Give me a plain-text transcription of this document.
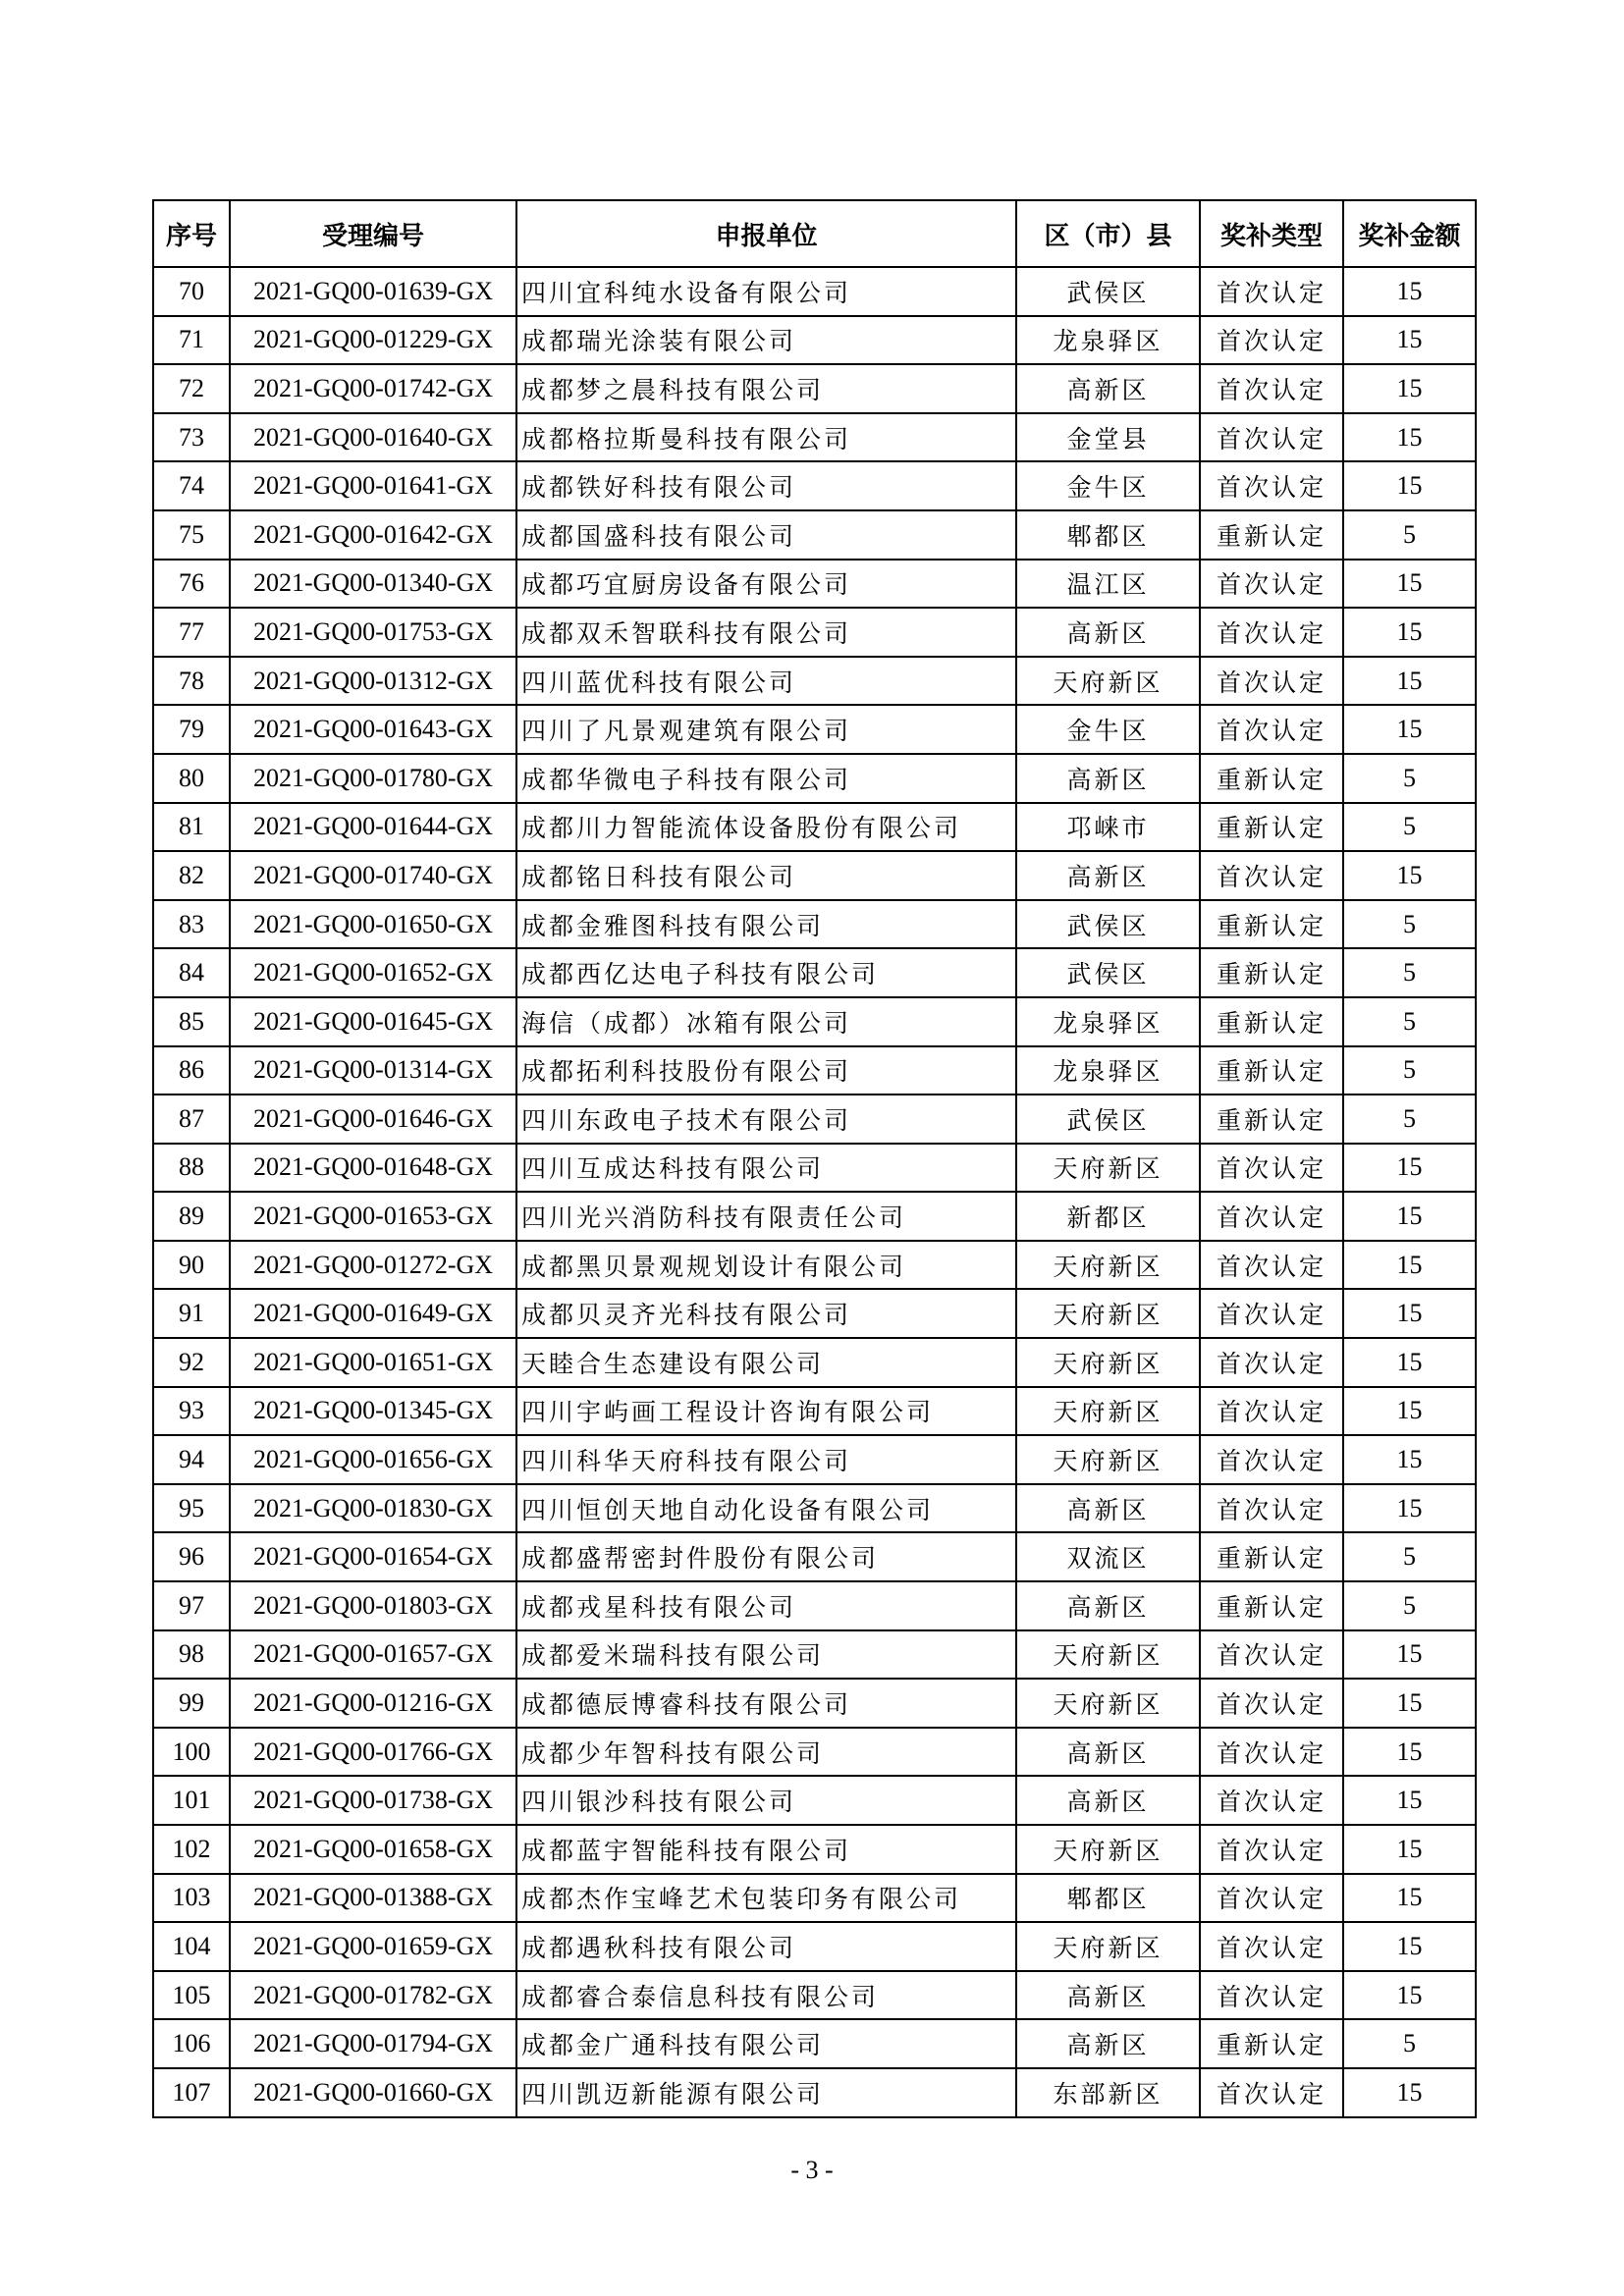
序号	受理编号	申报单位	区（市）县	奖补类型	奖补金额
70	2021-GQ00-01639-GX	四川宜科纯水设备有限公司	武侯区	首次认定	15
71	2021-GQ00-01229-GX	成都瑞光涂装有限公司	龙泉驿区	首次认定	15
72	2021-GQ00-01742-GX	成都梦之晨科技有限公司	高新区	首次认定	15
73	2021-GQ00-01640-GX	成都格拉斯曼科技有限公司	金堂县	首次认定	15
74	2021-GQ00-01641-GX	成都铁好科技有限公司	金牛区	首次认定	15
75	2021-GQ00-01642-GX	成都国盛科技有限公司	郫都区	重新认定	5
76	2021-GQ00-01340-GX	成都巧宜厨房设备有限公司	温江区	首次认定	15
77	2021-GQ00-01753-GX	成都双禾智联科技有限公司	高新区	首次认定	15
78	2021-GQ00-01312-GX	四川蓝优科技有限公司	天府新区	首次认定	15
79	2021-GQ00-01643-GX	四川了凡景观建筑有限公司	金牛区	首次认定	15
80	2021-GQ00-01780-GX	成都华微电子科技有限公司	高新区	重新认定	5
81	2021-GQ00-01644-GX	成都川力智能流体设备股份有限公司	邛崃市	重新认定	5
82	2021-GQ00-01740-GX	成都铭日科技有限公司	高新区	首次认定	15
83	2021-GQ00-01650-GX	成都金雅图科技有限公司	武侯区	重新认定	5
84	2021-GQ00-01652-GX	成都西亿达电子科技有限公司	武侯区	重新认定	5
85	2021-GQ00-01645-GX	海信（成都）冰箱有限公司	龙泉驿区	重新认定	5
86	2021-GQ00-01314-GX	成都拓利科技股份有限公司	龙泉驿区	重新认定	5
87	2021-GQ00-01646-GX	四川东政电子技术有限公司	武侯区	重新认定	5
88	2021-GQ00-01648-GX	四川互成达科技有限公司	天府新区	首次认定	15
89	2021-GQ00-01653-GX	四川光兴消防科技有限责任公司	新都区	首次认定	15
90	2021-GQ00-01272-GX	成都黑贝景观规划设计有限公司	天府新区	首次认定	15
91	2021-GQ00-01649-GX	成都贝灵齐光科技有限公司	天府新区	首次认定	15
92	2021-GQ00-01651-GX	天睦合生态建设有限公司	天府新区	首次认定	15
93	2021-GQ00-01345-GX	四川宇屿画工程设计咨询有限公司	天府新区	首次认定	15
94	2021-GQ00-01656-GX	四川科华天府科技有限公司	天府新区	首次认定	15
95	2021-GQ00-01830-GX	四川恒创天地自动化设备有限公司	高新区	首次认定	15
96	2021-GQ00-01654-GX	成都盛帮密封件股份有限公司	双流区	重新认定	5
97	2021-GQ00-01803-GX	成都戎星科技有限公司	高新区	重新认定	5
98	2021-GQ00-01657-GX	成都爱米瑞科技有限公司	天府新区	首次认定	15
99	2021-GQ00-01216-GX	成都德辰博睿科技有限公司	天府新区	首次认定	15
100	2021-GQ00-01766-GX	成都少年智科技有限公司	高新区	首次认定	15
101	2021-GQ00-01738-GX	四川银沙科技有限公司	高新区	首次认定	15
102	2021-GQ00-01658-GX	成都蓝宇智能科技有限公司	天府新区	首次认定	15
103	2021-GQ00-01388-GX	成都杰作宝峰艺术包装印务有限公司	郫都区	首次认定	15
104	2021-GQ00-01659-GX	成都遇秋科技有限公司	天府新区	首次认定	15
105	2021-GQ00-01782-GX	成都睿合泰信息科技有限公司	高新区	首次认定	15
106	2021-GQ00-01794-GX	成都金广通科技有限公司	高新区	重新认定	5
107	2021-GQ00-01660-GX	四川凯迈新能源有限公司	东部新区	首次认定	15
- 3 -
